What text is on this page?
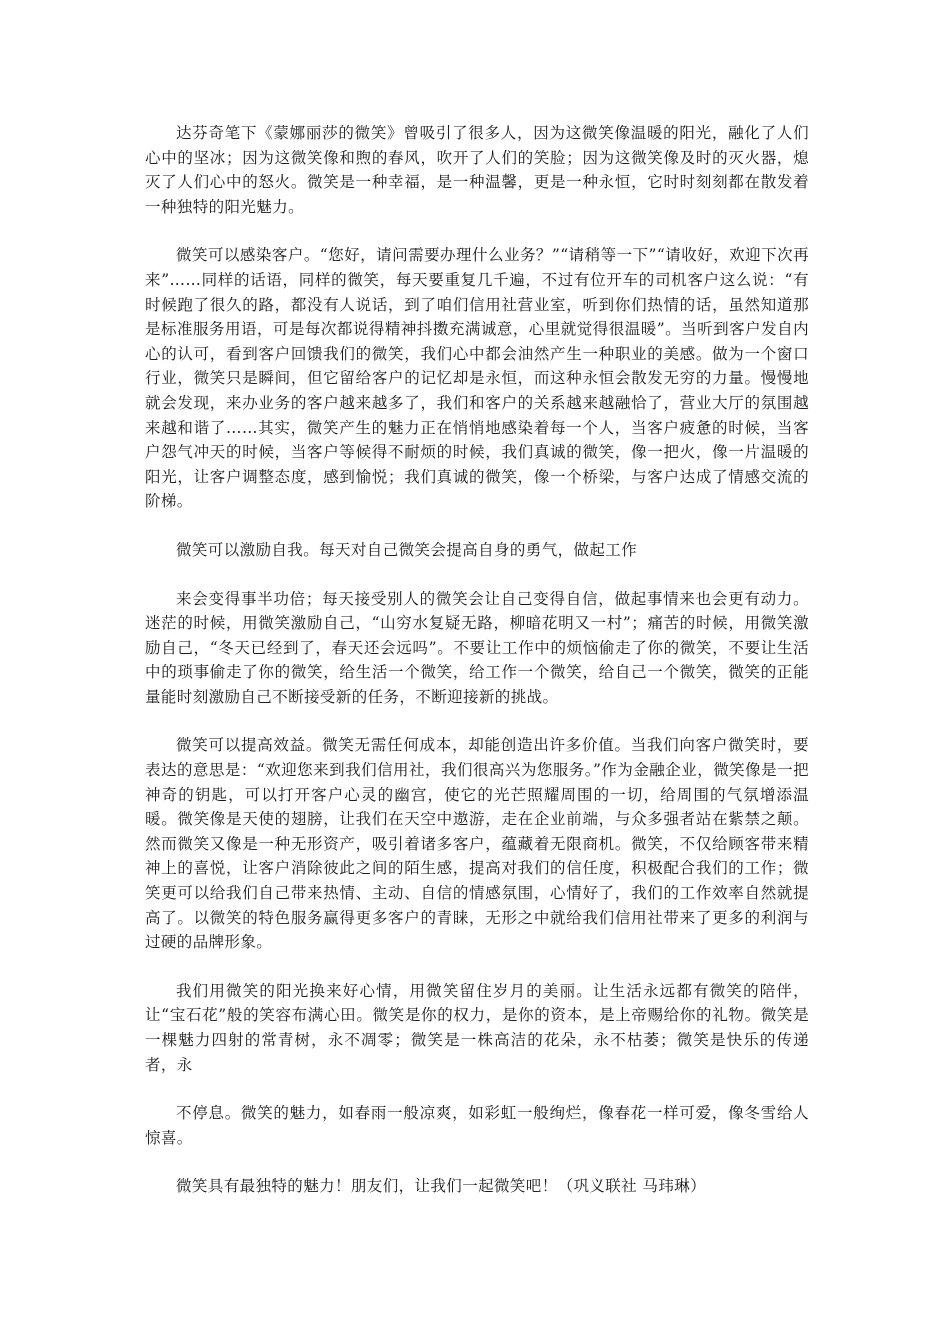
达芬奇笔下《蒙娜丽莎的微笑》曾吸引了很多人，因为这微笑像温暖的阳光，融化了人们心中的坚冰；因为这微笑像和煦的春风，吹开了人们的笑脸；因为这微笑像及时的灭火器，熄灭了人们心中的怒火。微笑是一种幸福，是一种温馨，更是一种永恒，它时时刻刻都在散发着一种独特的阳光魅力。

微笑可以感染客户。“您好，请问需要办理什么业务？”“请稍等一下”“请收好，欢迎下次再来”……同样的话语，同样的微笑，每天要重复几千遍，不过有位开车的司机客户这么说：“有时候跑了很久的路，都没有人说话，到了咱们信用社营业室，听到你们热情的话，虽然知道那是标准服务用语，可是每次都说得精神抖擞充满诚意，心里就觉得很温暖”。当听到客户发自内心的认可，看到客户回馈我们的微笑，我们心中都会油然产生一种职业的美感。做为一个窗口行业，微笑只是瞬间，但它留给客户的记忆却是永恒，而这种永恒会散发无穷的力量。慢慢地就会发现，来办业务的客户越来越多了，我们和客户的关系越来越融恰了，营业大厅的氛围越来越和谐了……其实，微笑产生的魅力正在悄悄地感染着每一个人，当客户疲惫的时候，当客户怨气冲天的时候，当客户等候得不耐烦的时候，我们真诚的微笑，像一把火，像一片温暖的阳光，让客户调整态度，感到愉悦；我们真诚的微笑，像一个桥梁，与客户达成了情感交流的阶梯。

微笑可以激励自我。每天对自己微笑会提高自身的勇气，做起工作

来会变得事半功倍；每天接受别人的微笑会让自己变得自信，做起事情来也会更有动力。迷茫的时候，用微笑激励自己，“山穷水复疑无路，柳暗花明又一村”；痛苦的时候，用微笑激励自己，“冬天已经到了，春天还会远吗”。不要让工作中的烦恼偷走了你的微笑，不要让生活中的琐事偷走了你的微笑，给生活一个微笑，给工作一个微笑，给自己一个微笑，微笑的正能量能时刻激励自己不断接受新的任务，不断迎接新的挑战。

微笑可以提高效益。微笑无需任何成本，却能创造出许多价值。当我们向客户微笑时，要表达的意思是：“欢迎您来到我们信用社，我们很高兴为您服务。”作为金融企业，微笑像是一把神奇的钥匙，可以打开客户心灵的幽宫，使它的光芒照耀周围的一切，给周围的气氛增添温暖。微笑像是天使的翅膀，让我们在天空中遨游，走在企业前端，与众多强者站在紫禁之颠。然而微笑又像是一种无形资产，吸引着诸多客户，蕴藏着无限商机。微笑，不仅给顾客带来精神上的喜悦，让客户消除彼此之间的陌生感，提高对我们的信任度，积极配合我们的工作；微笑更可以给我们自己带来热情、主动、自信的情感氛围，心情好了，我们的工作效率自然就提高了。以微笑的特色服务赢得更多客户的青睐，无形之中就给我们信用社带来了更多的利润与过硬的品牌形象。

我们用微笑的阳光换来好心情，用微笑留住岁月的美丽。让生活永远都有微笑的陪伴，让“宝石花”般的笑容布满心田。微笑是你的权力，是你的资本，是上帝赐给你的礼物。微笑是一棵魅力四射的常青树，永不凋零；微笑是一株高洁的花朵，永不枯萎；微笑是快乐的传递者，永

不停息。微笑的魅力，如春雨一般凉爽，如彩虹一般绚烂，像春花一样可爱，像冬雪给人惊喜。

微笑具有最独特的魅力！朋友们，让我们一起微笑吧！（巩义联社 马玮琳）
